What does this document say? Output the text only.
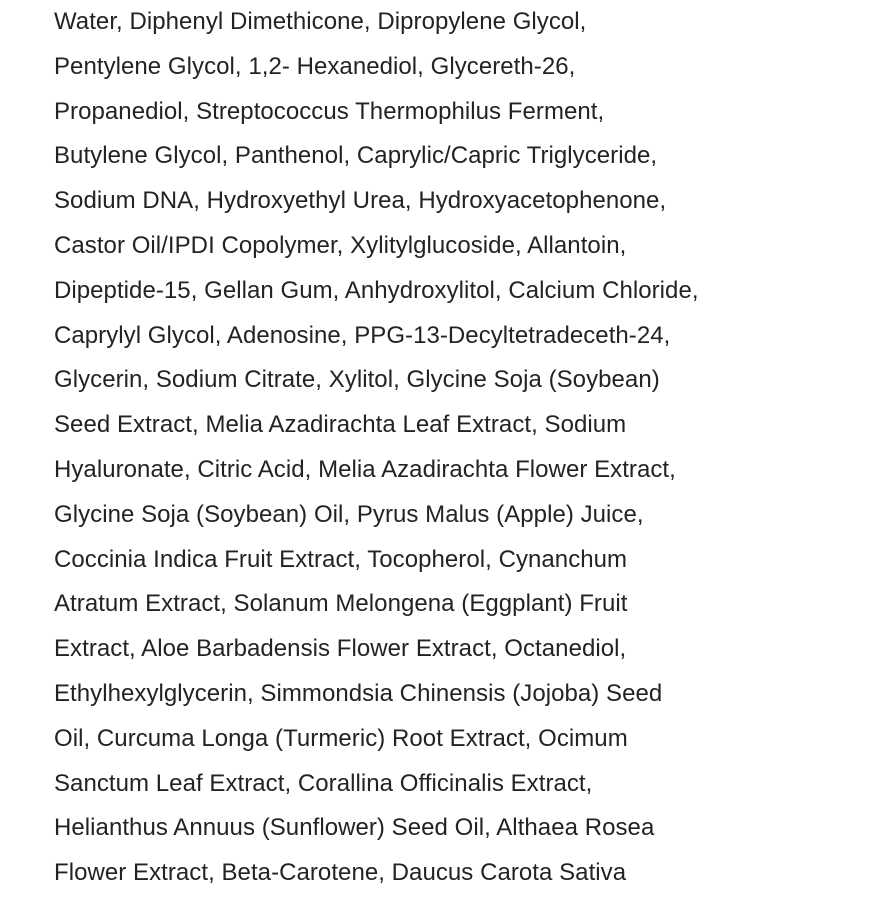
Water, Diphenyl Dimethicone, Dipropylene Glycol,
Pentylene Glycol, 1,2- Hexanediol, Glycereth-26,
Propanediol, Streptococcus Thermophilus Ferment,
Butylene Glycol, Panthenol, Caprylic/Capric Triglyceride,
Sodium DNA, Hydroxyethyl Urea, Hydroxyacetophenone,
Castor Oil/IPDI Copolymer, Xylitylglucoside, Allantoin,
Dipeptide-15, Gellan Gum, Anhydroxylitol, Calcium Chloride,
Caprylyl Glycol, Adenosine, PPG-13-Decyltetradeceth-24,
Glycerin, Sodium Citrate, Xylitol, Glycine Soja (Soybean)
Seed Extract, Melia Azadirachta Leaf Extract, Sodium
Hyaluronate, Citric Acid, Melia Azadirachta Flower Extract,
Glycine Soja (Soybean) Oil, Pyrus Malus (Apple) Juice,
Coccinia Indica Fruit Extract, Tocopherol, Cynanchum
Atratum Extract, Solanum Melongena (Eggplant) Fruit
Extract, Aloe Barbadensis Flower Extract, Octanediol,
Ethylhexylglycerin, Simmondsia Chinensis (Jojoba) Seed
Oil, Curcuma Longa (Turmeric) Root Extract, Ocimum
Sanctum Leaf Extract, Corallina Officinalis Extract,
Helianthus Annuus (Sunflower) Seed Oil, Althaea Rosea
Flower Extract, Beta-Carotene, Daucus Carota Sativa
